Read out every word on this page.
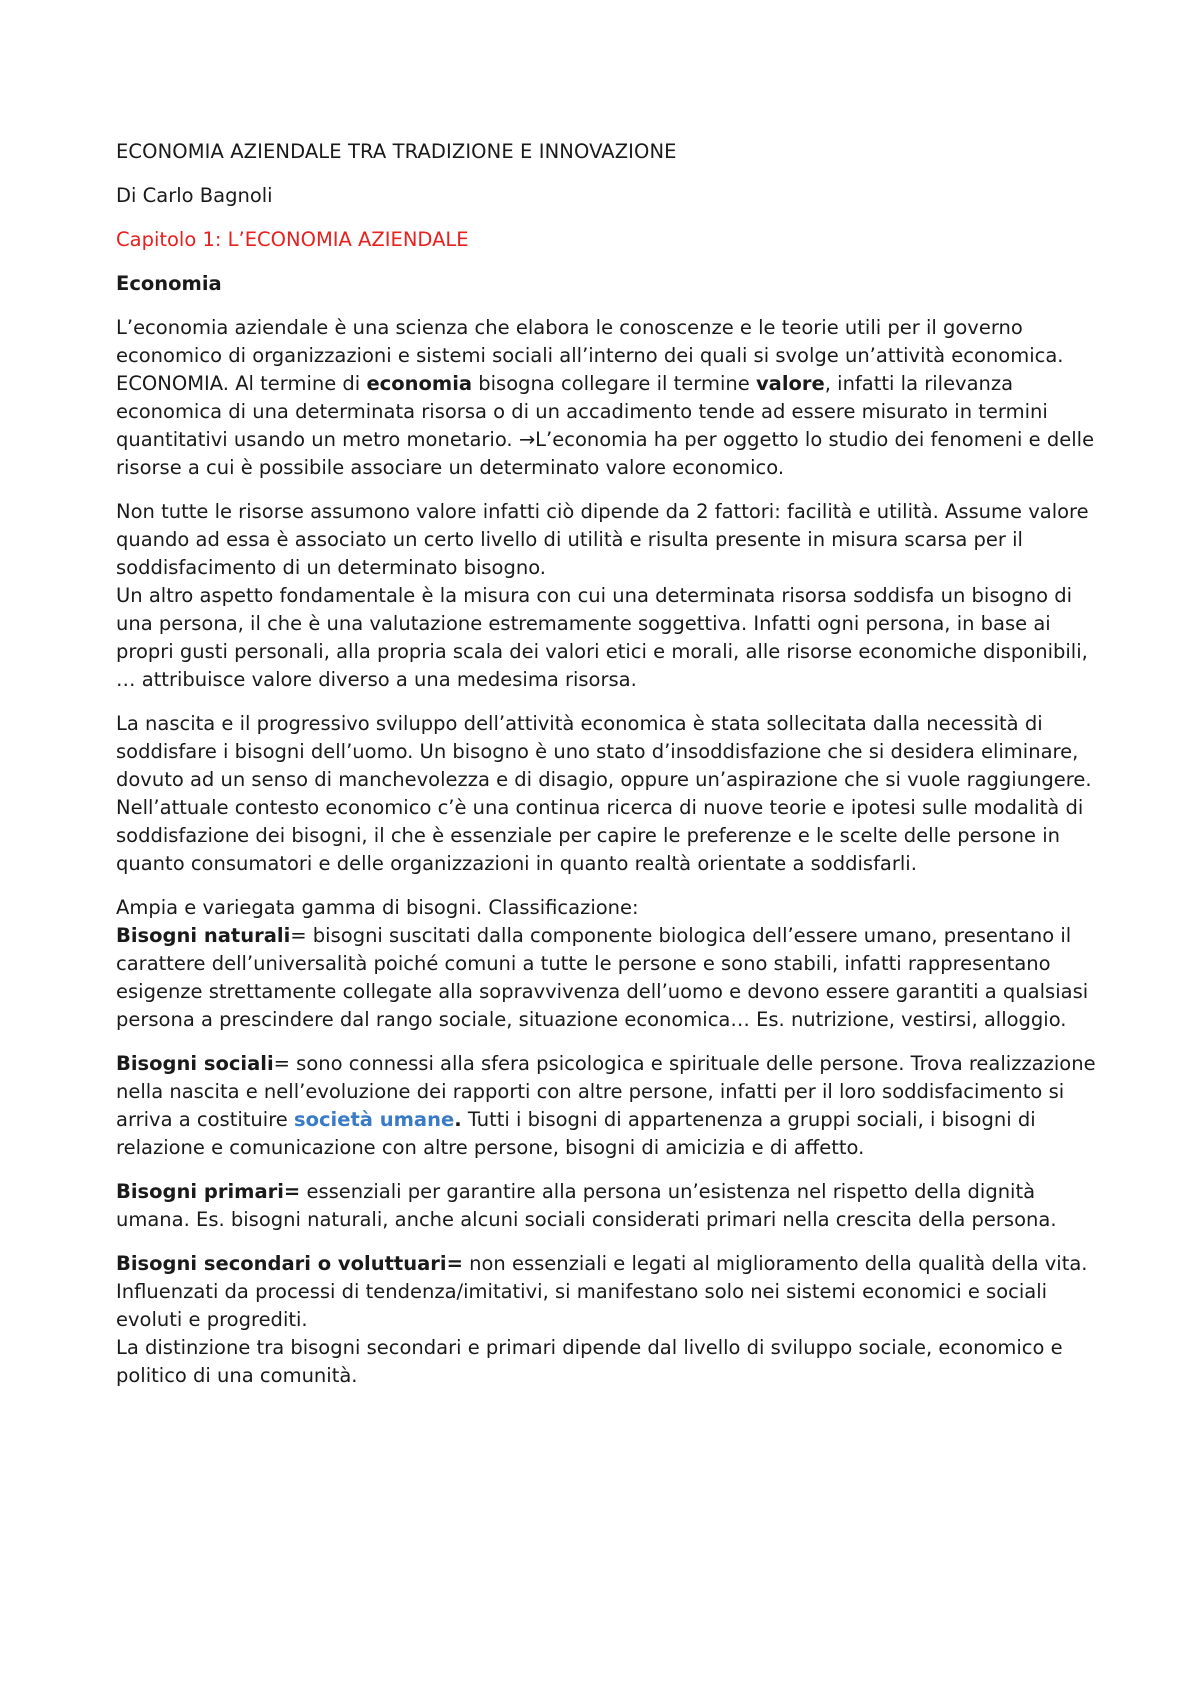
ECONOMIA AZIENDALE TRA TRADIZIONE E INNOVAZIONE
Di Carlo Bagnoli
Capitolo 1: L’ECONOMIA AZIENDALE
Economia

L’economia aziendale è una scienza che elabora le conoscenze e le teorie utili per il governo economico di organizzazioni e sistemi sociali all’interno dei quali si svolge un’attività economica.
ECONOMIA. Al termine di economia bisogna collegare il termine valore, infatti la rilevanza economica di una determinata risorsa o di un accadimento tende ad essere misurato in termini quantitativi usando un metro monetario. →L’economia ha per oggetto lo studio dei fenomeni e delle risorse a cui è possibile associare un determinato valore economico.

Non tutte le risorse assumono valore infatti ciò dipende da 2 fattori: facilità e utilità. Assume valore quando ad essa è associato un certo livello di utilità e risulta presente in misura scarsa per il soddisfacimento di un determinato bisogno.
Un altro aspetto fondamentale è la misura con cui una determinata risorsa soddisfa un bisogno di una persona, il che è una valutazione estremamente soggettiva. Infatti ogni persona, in base ai propri gusti personali, alla propria scala dei valori etici e morali, alle risorse economiche disponibili, … attribuisce valore diverso a una medesima risorsa.

La nascita e il progressivo sviluppo dell’attività economica è stata sollecitata dalla necessità di soddisfare i bisogni dell’uomo. Un bisogno è uno stato d’insoddisfazione che si desidera eliminare, dovuto ad un senso di manchevolezza e di disagio, oppure un’aspirazione che si vuole raggiungere. Nell’attuale contesto economico c’è una continua ricerca di nuove teorie e ipotesi sulle modalità di soddisfazione dei bisogni, il che è essenziale per capire le preferenze e le scelte delle persone in quanto consumatori e delle organizzazioni in quanto realtà orientate a soddisfarli.

Ampia e variegata gamma di bisogni. Classificazione:
Bisogni naturali= bisogni suscitati dalla componente biologica dell’essere umano, presentano il carattere dell’universalità poiché comuni a tutte le persone e sono stabili, infatti rappresentano esigenze strettamente collegate alla sopravvivenza dell’uomo e devono essere garantiti a qualsiasi persona a prescindere dal rango sociale, situazione economica… Es. nutrizione, vestirsi, alloggio.

Bisogni sociali= sono connessi alla sfera psicologica e spirituale delle persone. Trova realizzazione nella nascita e nell’evoluzione dei rapporti con altre persone, infatti per il loro soddisfacimento si arriva a costituire società umane. Tutti i bisogni di appartenenza a gruppi sociali, i bisogni di relazione e comunicazione con altre persone, bisogni di amicizia e di affetto.

Bisogni primari= essenziali per garantire alla persona un’esistenza nel rispetto della dignità umana. Es. bisogni naturali, anche alcuni sociali considerati primari nella crescita della persona.

Bisogni secondari o voluttuari= non essenziali e legati al miglioramento della qualità della vita. Influenzati da processi di tendenza/imitativi, si manifestano solo nei sistemi economici e sociali evoluti e progrediti.
La distinzione tra bisogni secondari e primari dipende dal livello di sviluppo sociale, economico e politico di una comunità.
